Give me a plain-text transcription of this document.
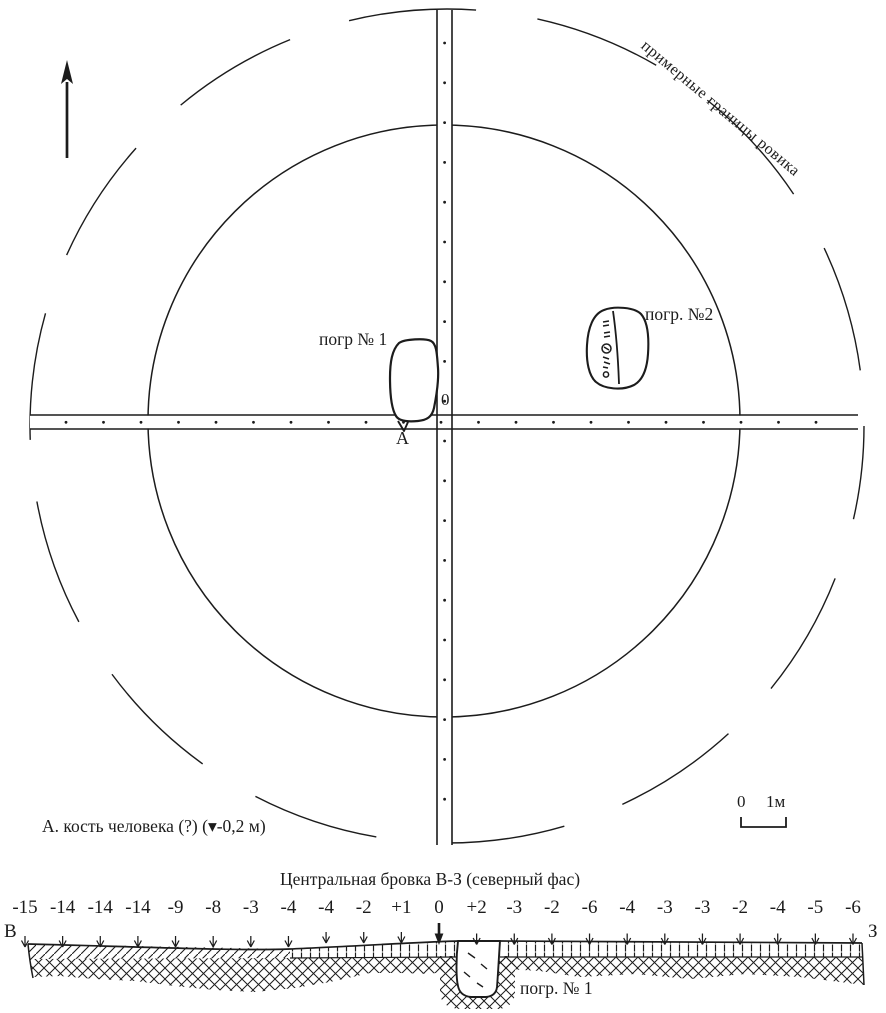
примерные границы ровика
погр № 1
погр. №2
0
А
А. кость человека (?) (▾-0,2 м)
0 1м
Центральная бровка В-З (северный фас)
В	З
погр. № 1
-15 -14 -14 -14 -9 -8 -3 -4 -4 -2 +1 0 +2 -3 -2 -6 -4 -3 -3 -2 -4 -5 -6
